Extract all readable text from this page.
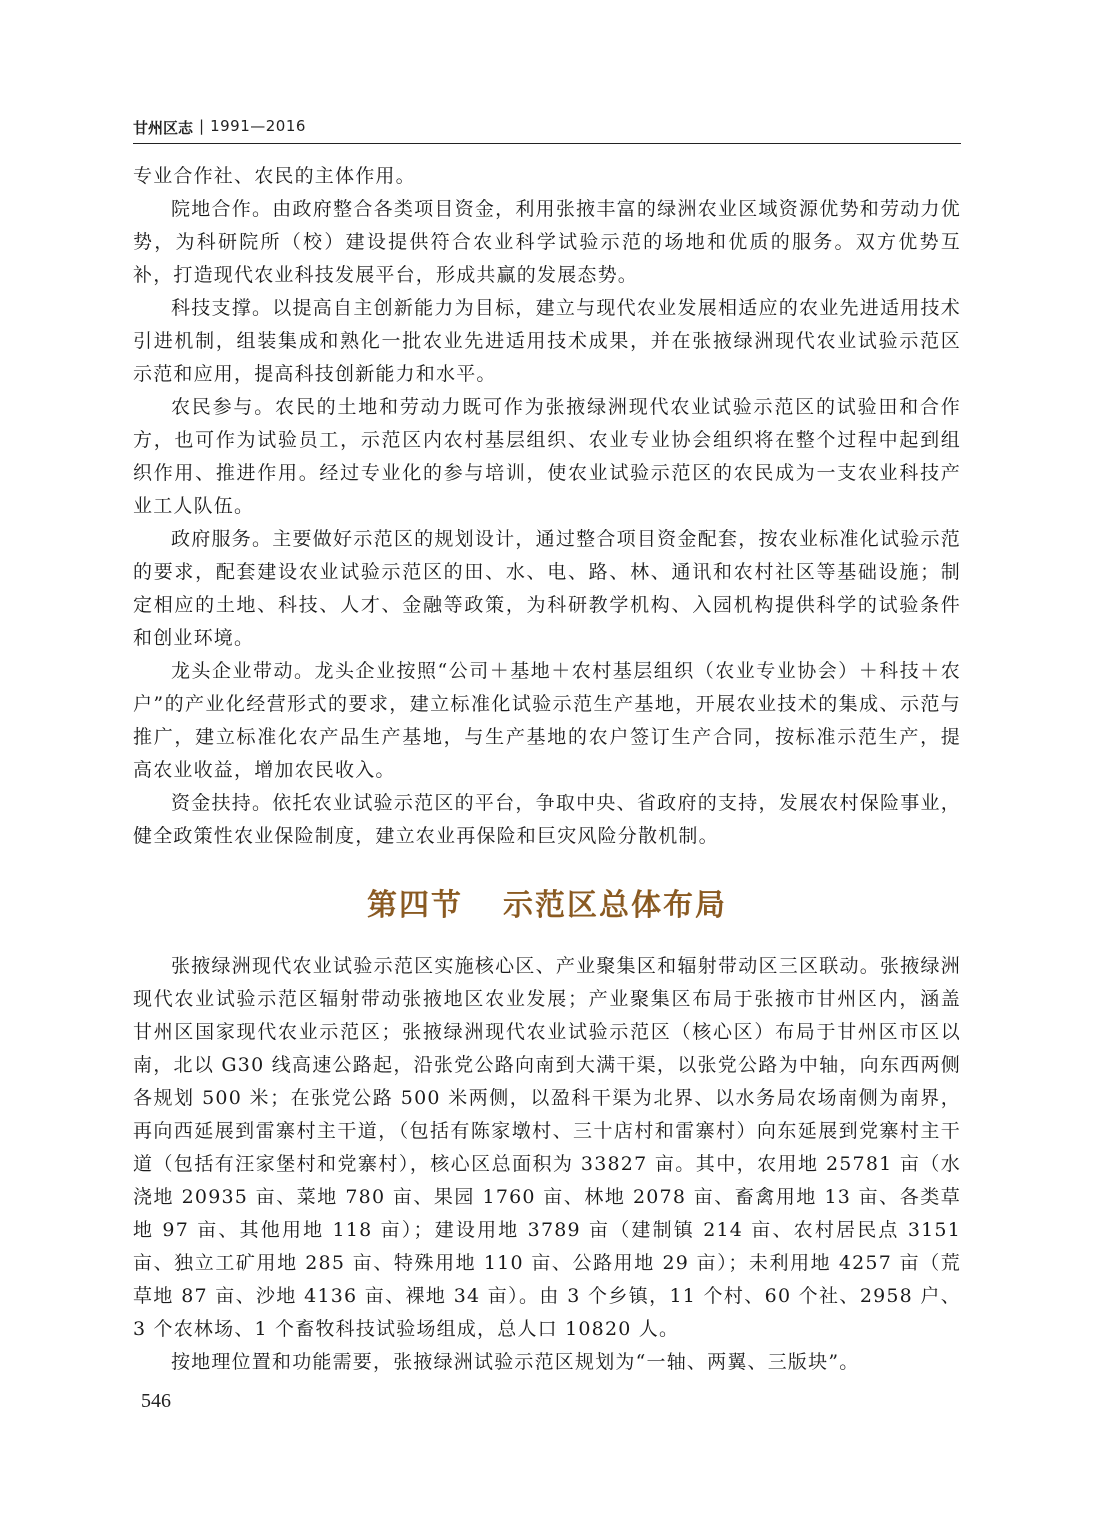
甘州区志 | 1991—2016

专业合作社、农民的主体作用。

院地合作。由政府整合各类项目资金，利用张掖丰富的绿洲农业区域资源优势和劳动力优势，为科研院所（校）建设提供符合农业科学试验示范的场地和优质的服务。双方优势互补，打造现代农业科技发展平台，形成共赢的发展态势。

科技支撑。以提高自主创新能力为目标，建立与现代农业发展相适应的农业先进适用技术引进机制，组装集成和熟化一批农业先进适用技术成果，并在张掖绿洲现代农业试验示范区示范和应用，提高科技创新能力和水平。

农民参与。农民的土地和劳动力既可作为张掖绿洲现代农业试验示范区的试验田和合作方，也可作为试验员工，示范区内农村基层组织、农业专业协会组织将在整个过程中起到组织作用、推进作用。经过专业化的参与培训，使农业试验示范区的农民成为一支农业科技产业工人队伍。

政府服务。主要做好示范区的规划设计，通过整合项目资金配套，按农业标准化试验示范的要求，配套建设农业试验示范区的田、水、电、路、林、通讯和农村社区等基础设施；制定相应的土地、科技、人才、金融等政策，为科研教学机构、入园机构提供科学的试验条件和创业环境。

龙头企业带动。龙头企业按照“公司＋基地＋农村基层组织（农业专业协会）＋科技＋农户”的产业化经营形式的要求，建立标准化试验示范生产基地，开展农业技术的集成、示范与推广，建立标准化农产品生产基地，与生产基地的农户签订生产合同，按标准示范生产，提高农业收益，增加农民收入。

资金扶持。依托农业试验示范区的平台，争取中央、省政府的支持，发展农村保险事业，健全政策性农业保险制度，建立农业再保险和巨灾风险分散机制。

第四节 示范区总体布局

张掖绿洲现代农业试验示范区实施核心区、产业聚集区和辐射带动区三区联动。张掖绿洲现代农业试验示范区辐射带动张掖地区农业发展；产业聚集区布局于张掖市甘州区内，涵盖甘州区国家现代农业示范区；张掖绿洲现代农业试验示范区（核心区）布局于甘州区市区以南，北以 G30 线高速公路起，沿张党公路向南到大满干渠，以张党公路为中轴，向东西两侧各规划 500 米；在张党公路 500 米两侧，以盈科干渠为北界、以水务局农场南侧为南界，再向西延展到雷寨村主干道，（包括有陈家墩村、三十店村和雷寨村）向东延展到党寨村主干道（包括有汪家堡村和党寨村），核心区总面积为 33827 亩。其中，农用地 25781 亩（水浇地 20935 亩、菜地 780 亩、果园 1760 亩、林地 2078 亩、畜禽用地 13 亩、各类草地 97 亩、其他用地 118 亩）；建设用地 3789 亩（建制镇 214 亩、农村居民点 3151 亩、独立工矿用地 285 亩、特殊用地 110 亩、公路用地 29 亩）；未利用地 4257 亩（荒草地 87 亩、沙地 4136 亩、裸地 34 亩）。由 3 个乡镇，11 个村、60 个社、2958 户、3 个农林场、1 个畜牧科技试验场组成，总人口 10820 人。

按地理位置和功能需要，张掖绿洲试验示范区规划为“一轴、两翼、三版块”。

546
